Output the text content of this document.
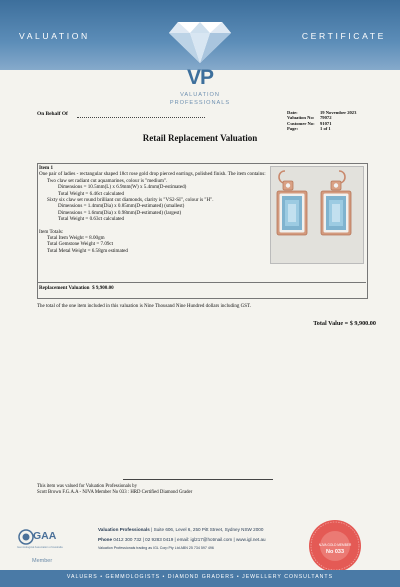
VALUATION	CERTIFICATE
VP
VALUATION
PROFESSIONALS
On Behalf Of	Date:	19 November 2023
Valuation No:	79072
Customer No:	91071
Page:	1 of 1
Retail Replacement Valuation
Item 1
One pair of ladies - rectangular shaped 18ct rose gold drop pierced earrings, polished finish. The item contains:
Two claw set radiant cut aquamarines, colour is "medium".
Dimensions = 10.5mm(L) x 6.9mm(W) x 5.4mm(D-estimated)
Total Weight = 6.46ct calculated
Sixty six claw set round brilliant cut diamonds, clarity is "VS2-SI", colour is "H".
Dimensions = 1.4mm(Dia) x 0.85mm(D-estimated) (smallest)
Dimensions = 1.6mm(Dia) x 0.98mm(D-estimated) (largest)
Total Weight = 0.63ct calculated
Item Totals:
Total Item Weight = 8.00gm
Total Gemstone Weight = 7.09ct
Total Metal Weight = 6.58gm estimated
Replacement Valuation $ 9,900.00
The total of the one item included in this valuation is Nine Thousand Nine Hundred dollars including GST.
Total Value = $ 9,900.00
This item was valued for Valuation Professionals by
Scott Brown F.G.A.A - NJVA Member No 033 : HRD Certified Diamond Grader
GAA
Gemmological Association of Australia
Member
Valuation Professionals | Suite 606, Level 6, 250 Pitt Street, Sydney NSW 2000
Phone 0412 300 732 | 02 9283 0419 | email: igl217@hotmail.com | www.igl.net.au
Valuation Professionals trading as IGL Corp Pty Ltd ABN 25 734 597 496
NJVA GOLD MEMBER
No 033
VALUERS • GEMMOLOGISTS • DIAMOND GRADERS • JEWELLERY CONSULTANTS
